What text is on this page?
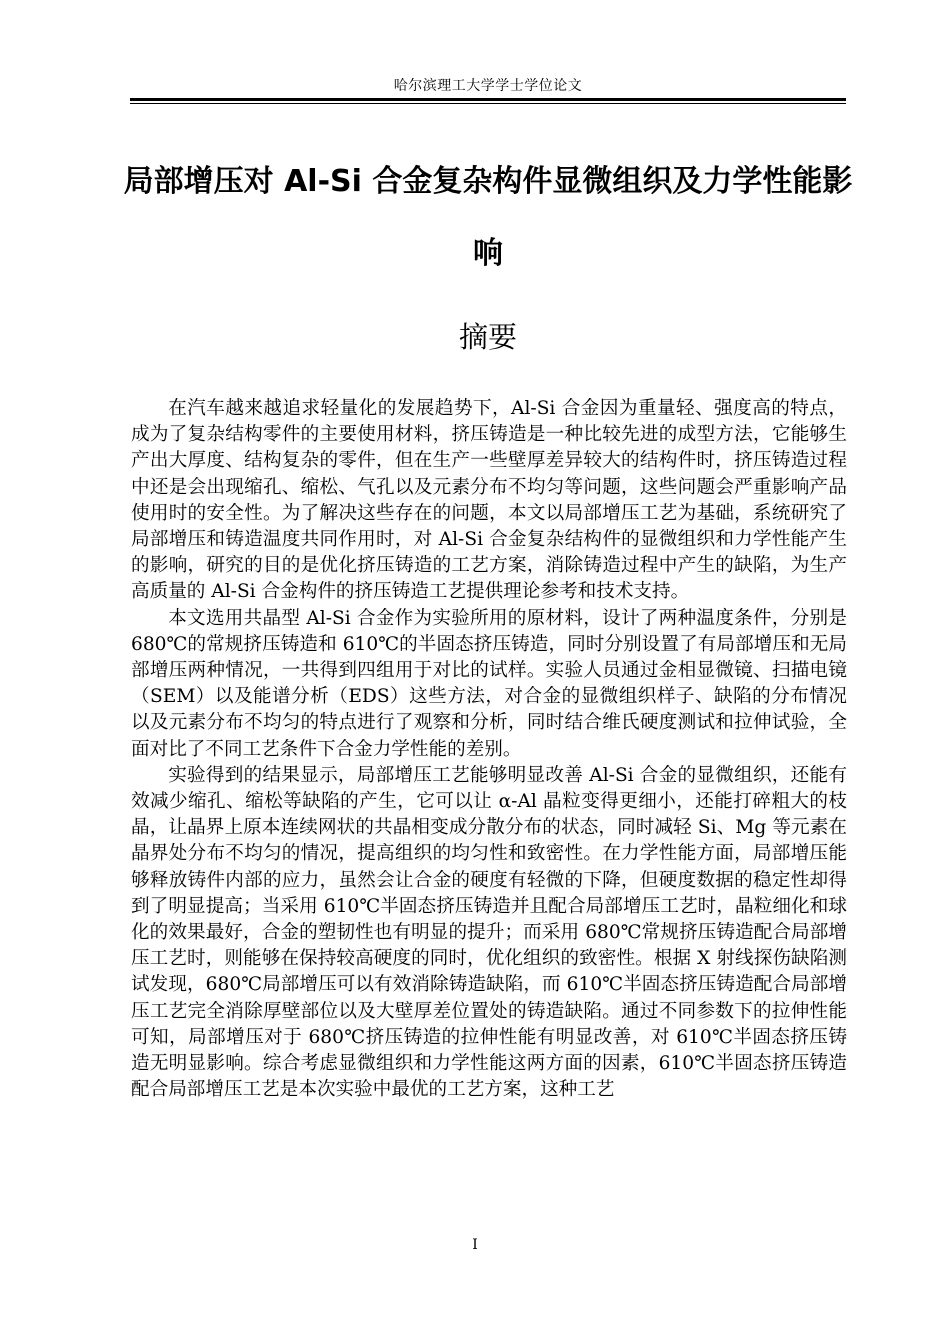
哈尔滨理工大学学士学位论文
局部增压对 Al-Si 合金复杂构件显微组织及力学性能影响
摘要

在汽车越来越追求轻量化的发展趋势下，Al-Si 合金因为重量轻、强度高的特点，成为了复杂结构零件的主要使用材料，挤压铸造是一种比较先进的成型方法，它能够生产出大厚度、结构复杂的零件，但在生产一些壁厚差异较大的结构件时，挤压铸造过程中还是会出现缩孔、缩松、气孔以及元素分布不均匀等问题，这些问题会严重影响产品使用时的安全性。为了解决这些存在的问题，本文以局部增压工艺为基础，系统研究了局部增压和铸造温度共同作用时，对 Al-Si 合金复杂结构件的显微组织和力学性能产生的影响，研究的目的是优化挤压铸造的工艺方案，消除铸造过程中产生的缺陷，为生产高质量的 Al-Si 合金构件的挤压铸造工艺提供理论参考和技术支持。

本文选用共晶型 Al-Si 合金作为实验所用的原材料，设计了两种温度条件，分别是 680℃的常规挤压铸造和 610℃的半固态挤压铸造，同时分别设置了有局部增压和无局部增压两种情况，一共得到四组用于对比的试样。实验人员通过金相显微镜、扫描电镜（SEM）以及能谱分析（EDS）这些方法，对合金的显微组织样子、缺陷的分布情况以及元素分布不均匀的特点进行了观察和分析，同时结合维氏硬度测试和拉伸试验，全面对比了不同工艺条件下合金力学性能的差别。

实验得到的结果显示，局部增压工艺能够明显改善 Al-Si 合金的显微组织，还能有效减少缩孔、缩松等缺陷的产生，它可以让 α-Al 晶粒变得更细小，还能打碎粗大的枝晶，让晶界上原本连续网状的共晶相变成分散分布的状态，同时减轻 Si、Mg 等元素在晶界处分布不均匀的情况，提高组织的均匀性和致密性。在力学性能方面，局部增压能够释放铸件内部的应力，虽然会让合金的硬度有轻微的下降，但硬度数据的稳定性却得到了明显提高；当采用 610℃半固态挤压铸造并且配合局部增压工艺时，晶粒细化和球化的效果最好，合金的塑韧性也有明显的提升；而采用 680℃常规挤压铸造配合局部增压工艺时，则能够在保持较高硬度的同时，优化组织的致密性。根据 X 射线探伤缺陷测试发现，680℃局部增压可以有效消除铸造缺陷，而 610℃半固态挤压铸造配合局部增压工艺完全消除厚壁部位以及大壁厚差位置处的铸造缺陷。通过不同参数下的拉伸性能可知，局部增压对于 680℃挤压铸造的拉伸性能有明显改善，对 610℃半固态挤压铸造无明显影响。综合考虑显微组织和力学性能这两方面的因素，610℃半固态挤压铸造配合局部增压工艺是本次实验中最优的工艺方案，这种工艺

I
